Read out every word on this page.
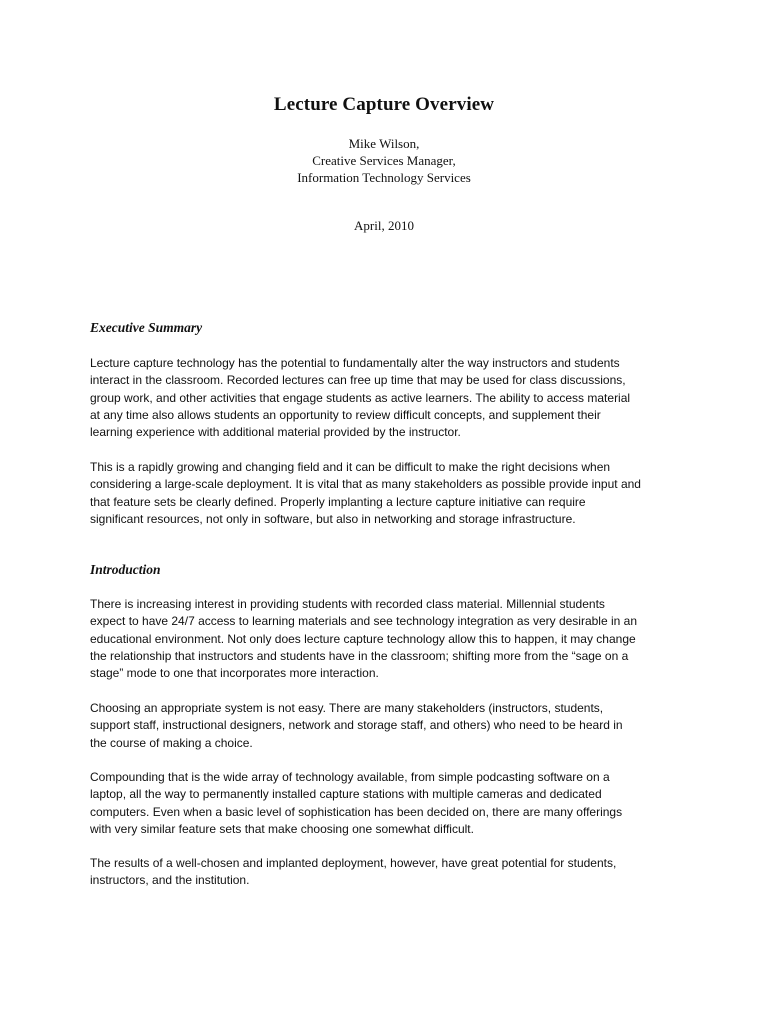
Lecture Capture Overview
Mike Wilson,
Creative Services Manager,
Information Technology Services
April, 2010
Executive Summary

Lecture capture technology has the potential to fundamentally alter the way instructors and students
interact in the classroom. Recorded lectures can free up time that may be used for class discussions,
group work, and other activities that engage students as active learners. The ability to access material
at any time also allows students an opportunity to review difficult concepts, and supplement their
learning experience with additional material provided by the instructor.

This is a rapidly growing and changing field and it can be difficult to make the right decisions when
considering a large-scale deployment. It is vital that as many stakeholders as possible provide input and
that feature sets be clearly defined. Properly implanting a lecture capture initiative can require
significant resources, not only in software, but also in networking and storage infrastructure.

Introduction

There is increasing interest in providing students with recorded class material. Millennial students
expect to have 24/7 access to learning materials and see technology integration as very desirable in an
educational environment. Not only does lecture capture technology allow this to happen, it may change
the relationship that instructors and students have in the classroom; shifting more from the “sage on a
stage” mode to one that incorporates more interaction.

Choosing an appropriate system is not easy. There are many stakeholders (instructors, students,
support staff, instructional designers, network and storage staff, and others) who need to be heard in
the course of making a choice.

Compounding that is the wide array of technology available, from simple podcasting software on a
laptop, all the way to permanently installed capture stations with multiple cameras and dedicated
computers. Even when a basic level of sophistication has been decided on, there are many offerings
with very similar feature sets that make choosing one somewhat difficult.

The results of a well-chosen and implanted deployment, however, have great potential for students,
instructors, and the institution.
